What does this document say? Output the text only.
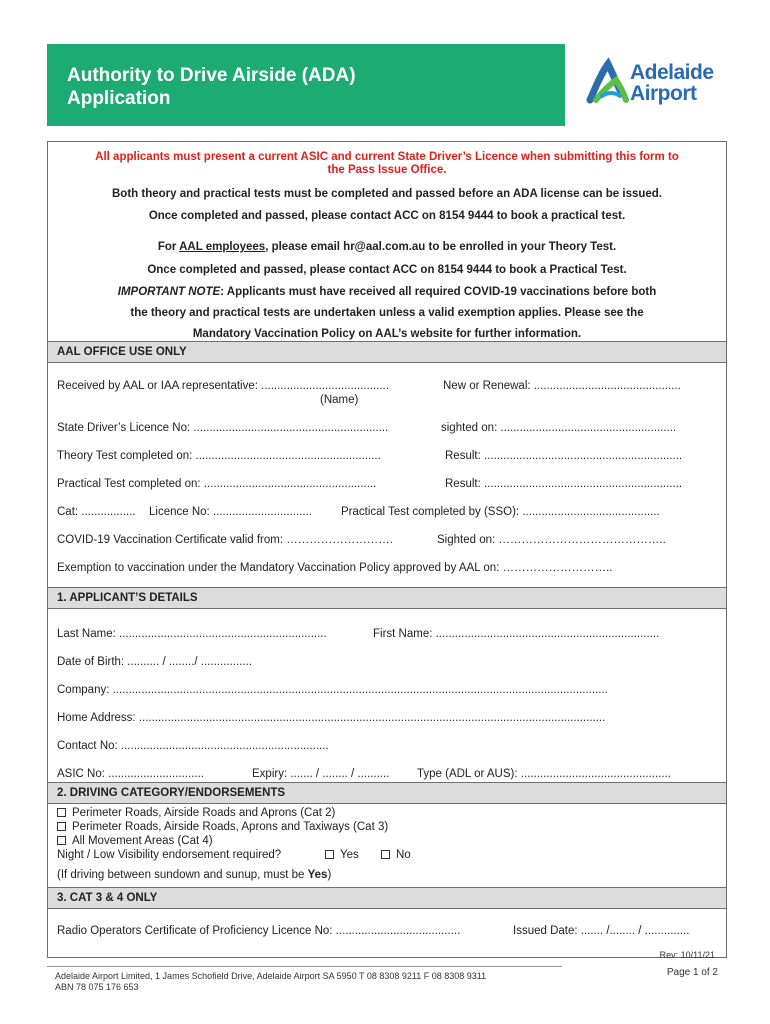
Authority to Drive Airside (ADA)
Application
Adelaide
Airport
All applicants must present a current ASIC and current State Driver’s Licence when submitting this form to the Pass Issue Office.
Both theory and practical tests must be completed and passed before an ADA license can be issued.
Once completed and passed, please contact ACC on 8154 9444 to book a practical test.
For AAL employees, please email hr@aal.com.au to be enrolled in your Theory Test.
Once completed and passed, please contact ACC on 8154 9444 to book a Practical Test.
IMPORTANT NOTE: Applicants must have received all required COVID-19 vaccinations before both
the theory and practical tests are undertaken unless a valid exemption applies. Please see the
Mandatory Vaccination Policy on AAL’s website for further information.
AAL OFFICE USE ONLY
Received by AAL or IAA representative: ........................................	New or Renewal: ..............................................
(Name)
State Driver’s Licence No: .............................................................	sighted on: .......................................................
Theory Test completed on: ..........................................................	Result: ..............................................................
Practical Test completed on: ......................................................	Result: ..............................................................
Cat: ................. Licence No: ...............................	Practical Test completed by (SSO): ...........................................
COVID-19 Vaccination Certificate valid from: ……………………….	Sighted on: ……………………………………..
Exemption to vaccination under the Mandatory Vaccination Policy approved by AAL on: ………………………..
1. APPLICANT’S DETAILS
Last Name: .................................................................	First Name: ......................................................................
Date of Birth: .......... / ......../ ................
Company: ...........................................................................................................................................................
Home Address: ..................................................................................................................................................
Contact No: .................................................................
ASIC No: ..............................	Expiry: ....... / ........ / .......... Type (ADL or AUS): ...............................................
2. DRIVING CATEGORY/ENDORSEMENTS
Perimeter Roads, Airside Roads and Aprons (Cat 2)
Perimeter Roads, Airside Roads, Aprons and Taxiways (Cat 3)
All Movement Areas (Cat 4)
Night / Low Visibility endorsement required?	Yes	No
(If driving between sundown and sunup, must be Yes)
3. CAT 3 & 4 ONLY
Radio Operators Certificate of Proficiency Licence No: .......................................	Issued Date: ....... /........ / ..............
Rev: 10/11/21
Adelaide Airport Limited, 1 James Schofield Drive, Adelaide Airport SA 5950 T 08 8308 9211 F 08 8308 9311
ABN 78 075 176 653
Page 1 of 2
